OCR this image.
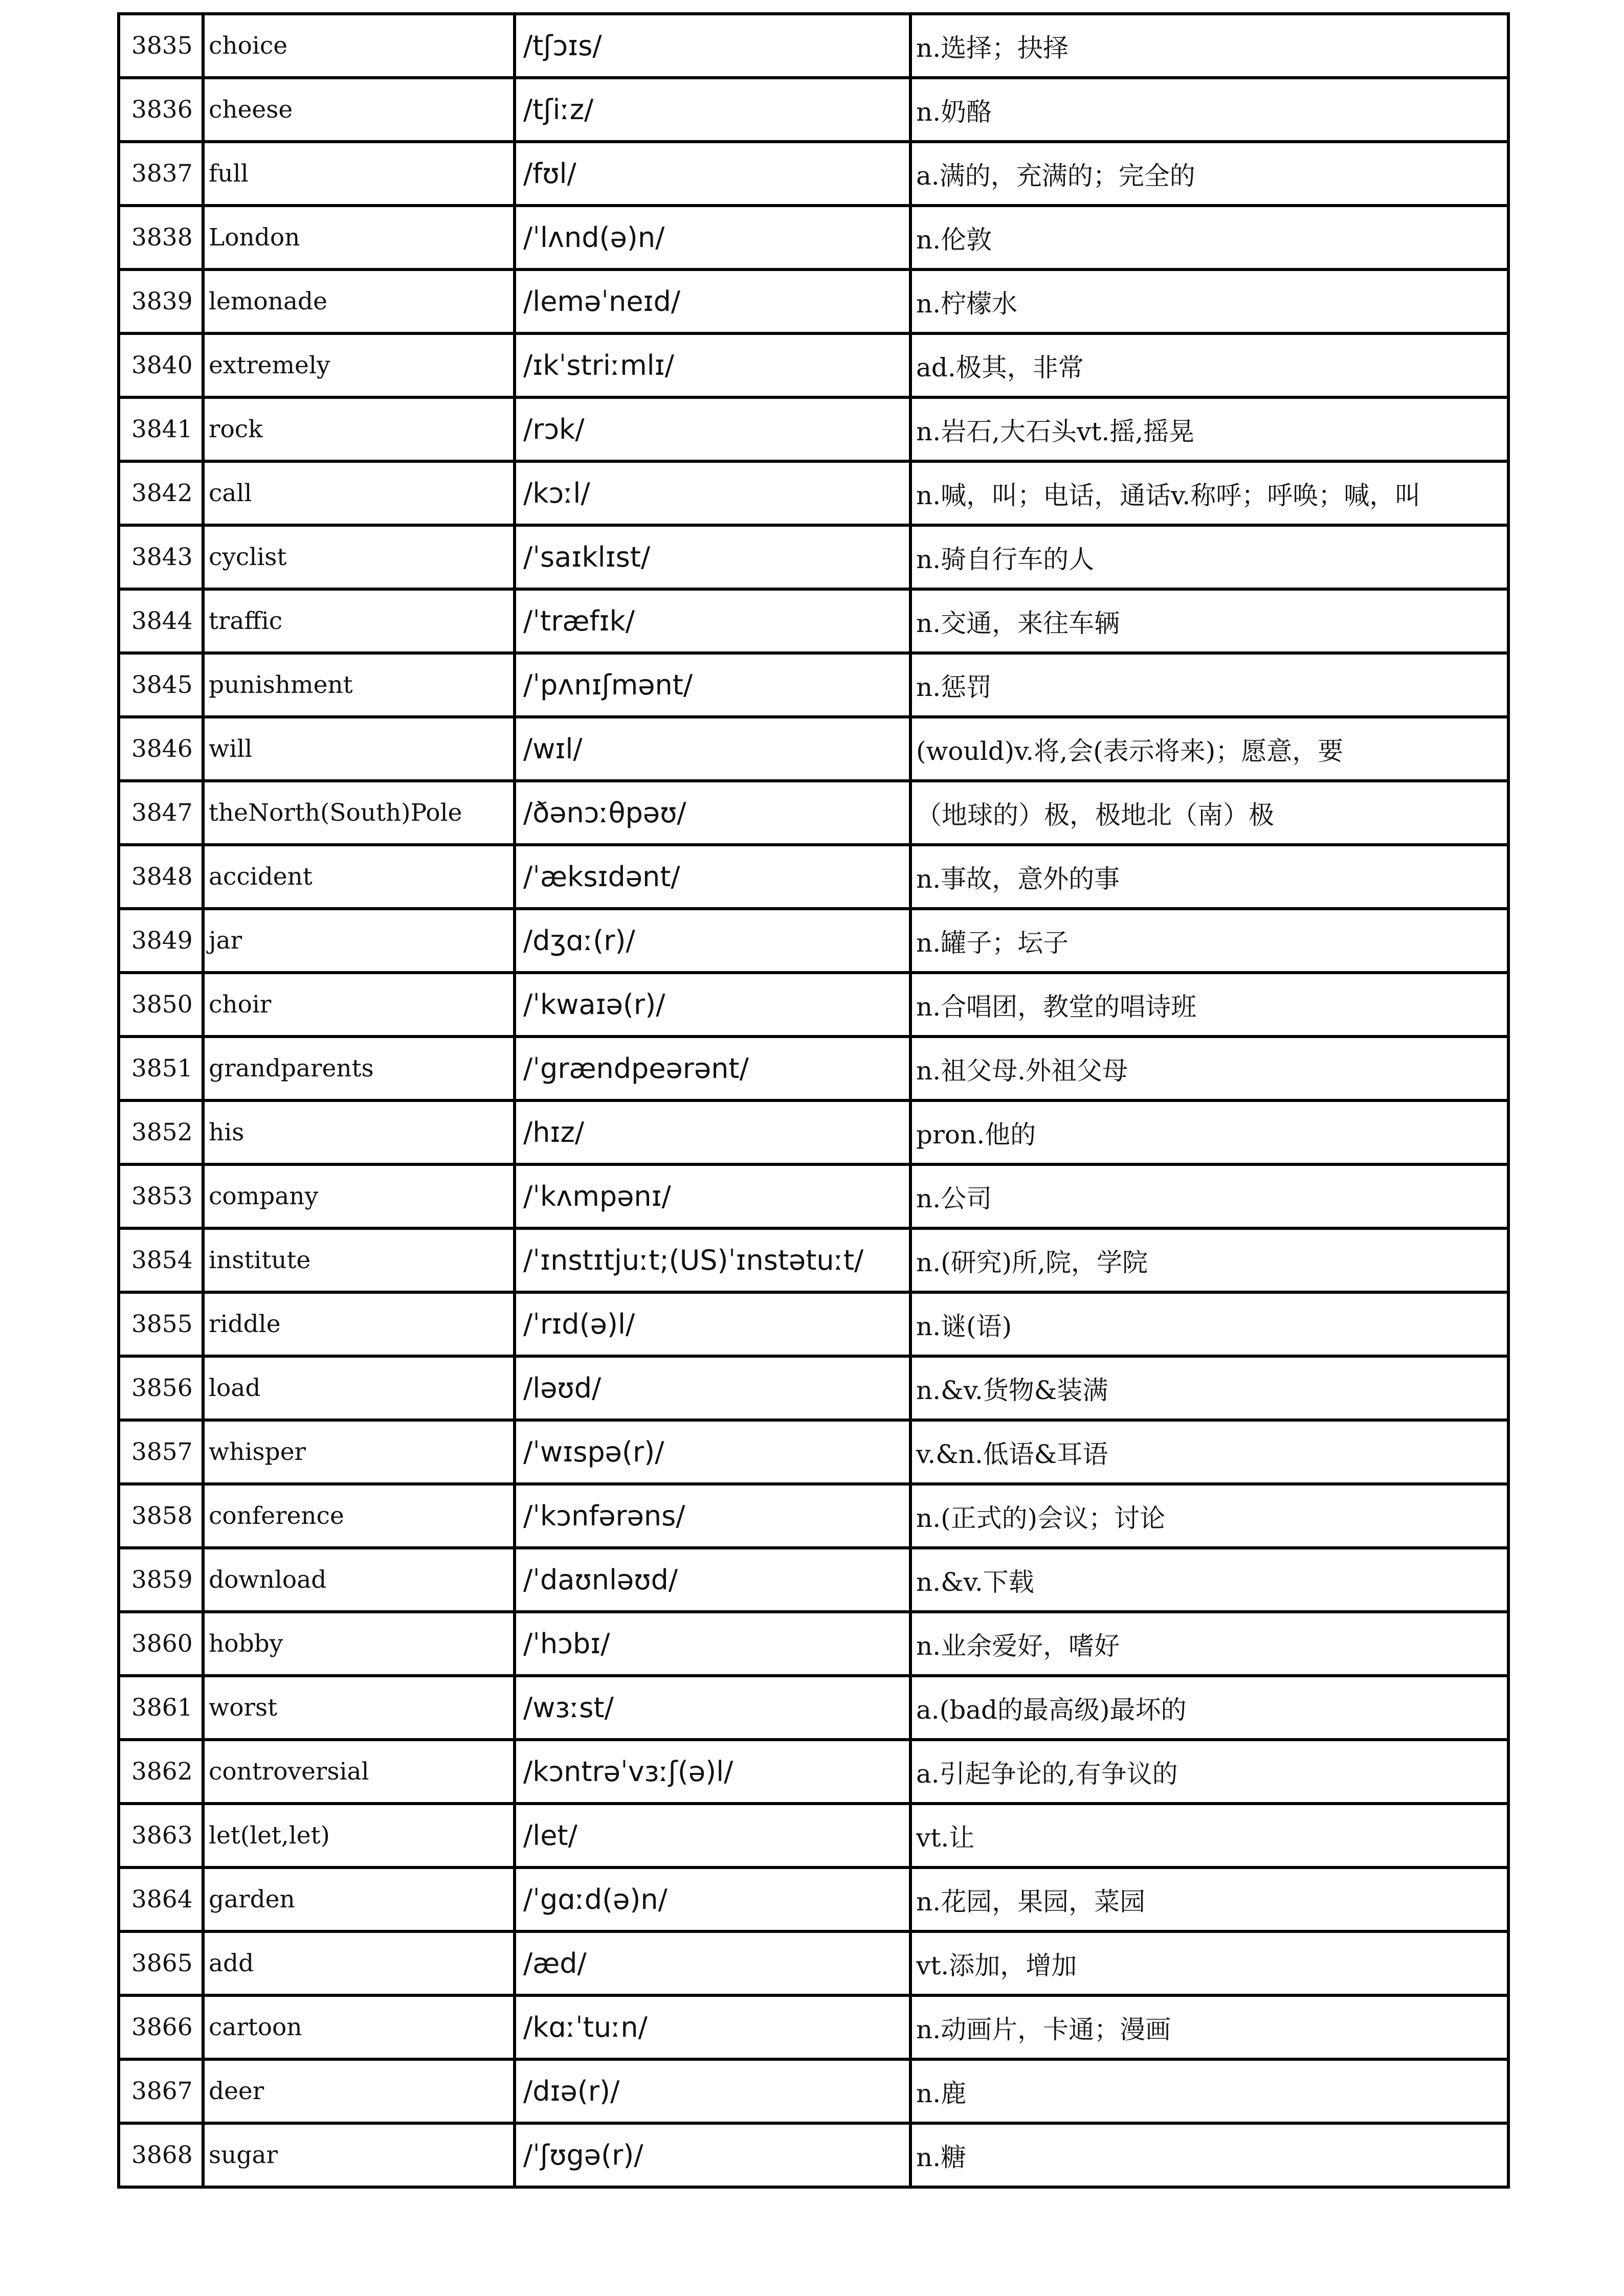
3835	choice	/tʃɔɪs/	n.选择；抉择
3836	cheese	/tʃiːz/	n.奶酪
3837	full	/fʊl/	a.满的，充满的；完全的
3838	London	/ˈlʌnd(ə)n/	n.伦敦
3839	lemonade	/leməˈneɪd/	n.柠檬水
3840	extremely	/ɪkˈstriːmlɪ/	ad.极其，非常
3841	rock	/rɔk/	n.岩石,大石头vt.摇,摇晃
3842	call	/kɔːl/	n.喊，叫；电话，通话v.称呼；呼唤；喊，叫
3843	cyclist	/ˈsaɪklɪst/	n.骑自行车的人
3844	traffic	/ˈtræfɪk/	n.交通，来往车辆
3845	punishment	/ˈpʌnɪʃmənt/	n.惩罚
3846	will	/wɪl/	(would)v.将,会(表示将来)；愿意，要
3847	theNorth(South)Pole	/ðənɔːθpəʊ/	（地球的）极，极地北（南）极
3848	accident	/ˈæksɪdənt/	n.事故，意外的事
3849	jar	/dʒɑː(r)/	n.罐子；坛子
3850	choir	/ˈkwaɪə(r)/	n.合唱团，教堂的唱诗班
3851	grandparents	/ˈgrændpeərənt/	n.祖父母.外祖父母
3852	his	/hɪz/	pron.他的
3853	company	/ˈkʌmpənɪ/	n.公司
3854	institute	/ˈɪnstɪtjuːt;(US)ˈɪnstətuːt/	n.(研究)所,院，学院
3855	riddle	/ˈrɪd(ə)l/	n.谜(语)
3856	load	/ləʊd/	n.&v.货物&装满
3857	whisper	/ˈwɪspə(r)/	v.&n.低语&耳语
3858	conference	/ˈkɔnfərəns/	n.(正式的)会议；讨论
3859	download	/ˈdaʊnləʊd/	n.&v.下载
3860	hobby	/ˈhɔbɪ/	n.业余爱好，嗜好
3861	worst	/wɜːst/	a.(bad的最高级)最坏的
3862	controversial	/kɔntrəˈvɜːʃ(ə)l/	a.引起争论的,有争议的
3863	let(let,let)	/let/	vt.让
3864	garden	/ˈgɑːd(ə)n/	n.花园，果园，菜园
3865	add	/æd/	vt.添加，增加
3866	cartoon	/kɑːˈtuːn/	n.动画片，卡通；漫画
3867	deer	/dɪə(r)/	n.鹿
3868	sugar	/ˈʃʊgə(r)/	n.糖
